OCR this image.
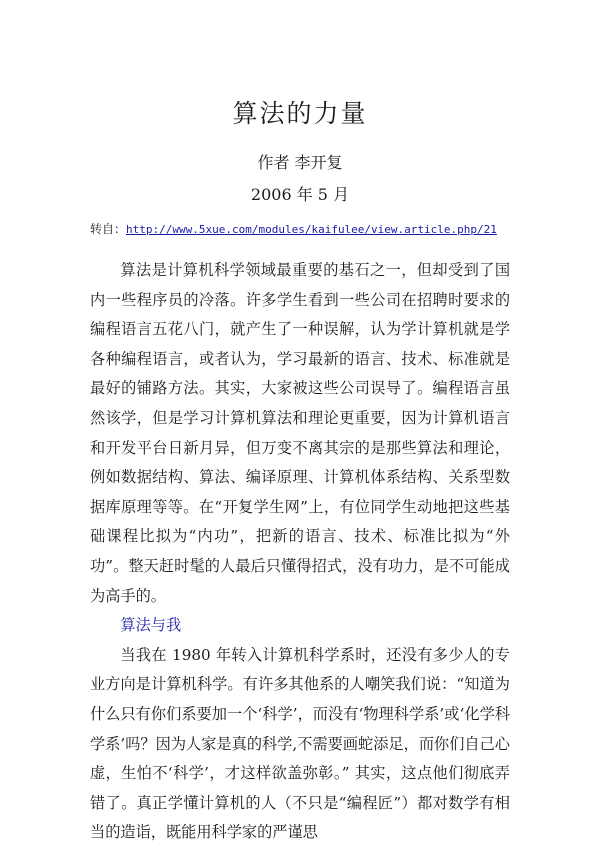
算法的力量
作者 李开复
2006 年 5 月
转自：http://www.5xue.com/modules/kaifulee/view.article.php/21

算法是计算机科学领域最重要的基石之一，但却受到了国内一些程序员的冷落。许多学生看到一些公司在招聘时要求的编程语言五花八门，就产生了一种误解，认为学计算机就是学各种编程语言，或者认为，学习最新的语言、技术、标准就是最好的铺路方法。其实，大家被这些公司误导了。编程语言虽然该学，但是学习计算机算法和理论更重要，因为计算机语言和开发平台日新月异，但万变不离其宗的是那些算法和理论，例如数据结构、算法、编译原理、计算机体系结构、关系型数据库原理等等。在“开复学生网”上，有位同学生动地把这些基础课程比拟为“内功”，把新的语言、技术、标准比拟为“外功”。整天赶时髦的人最后只懂得招式，没有功力，是不可能成为高手的。

算法与我

当我在 1980 年转入计算机科学系时，还没有多少人的专业方向是计算机科学。有许多其他系的人嘲笑我们说：“知道为什么只有你们系要加一个‘科学’，而没有‘物理科学系’或‘化学科学系’吗？因为人家是真的科学,不需要画蛇添足，而你们自己心虚，生怕不‘科学’，才这样欲盖弥彰。” 其实，这点他们彻底弄错了。真正学懂计算机的人（不只是“编程匠”）都对数学有相当的造诣，既能用科学家的严谨思
